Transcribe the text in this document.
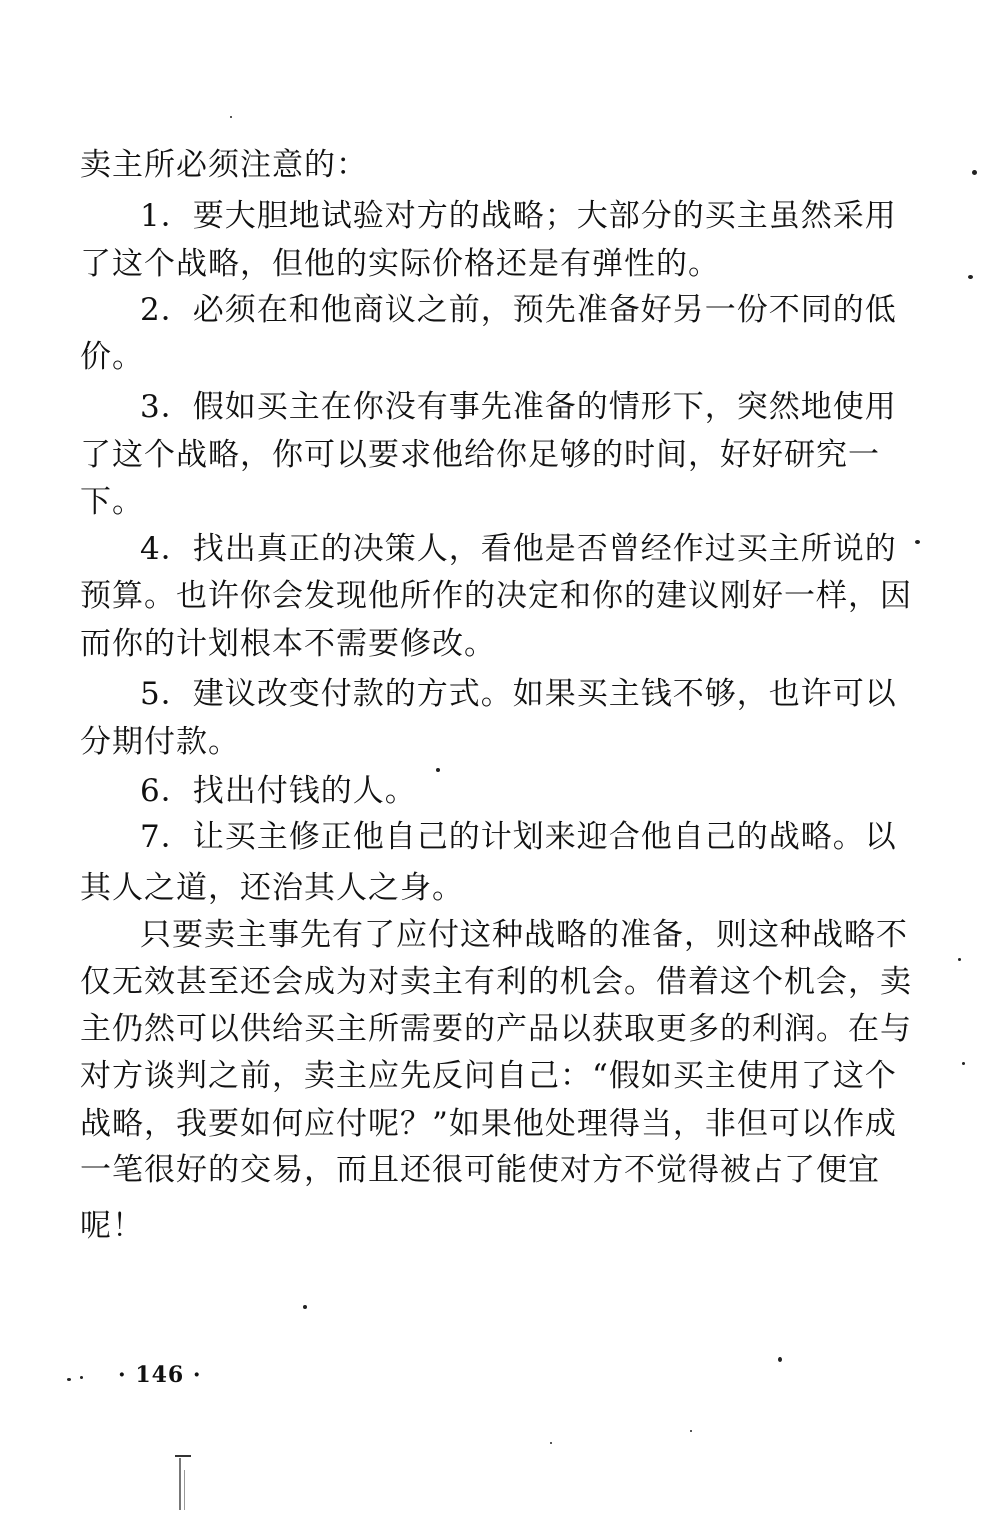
卖主所必须注意的：
1．要大胆地试验对方的战略；大部分的买主虽然采用
了这个战略，但他的实际价格还是有弹性的。
2．必须在和他商议之前，预先准备好另一份不同的低
价。
3．假如买主在你没有事先准备的情形下，突然地使用
了这个战略，你可以要求他给你足够的时间，好好研究一
下。
4．找出真正的决策人，看他是否曾经作过买主所说的
预算。也许你会发现他所作的决定和你的建议刚好一样，因
而你的计划根本不需要修改。
5．建议改变付款的方式。如果买主钱不够，也许可以
分期付款。
6．找出付钱的人。
7．让买主修正他自己的计划来迎合他自己的战略。以
其人之道，还治其人之身。
只要卖主事先有了应付这种战略的准备，则这种战略不
仅无效甚至还会成为对卖主有利的机会。借着这个机会，卖
主仍然可以供给买主所需要的产品以获取更多的利润。在与
对方谈判之前，卖主应先反问自己：“假如买主使用了这个
战略，我要如何应付呢？”如果他处理得当，非但可以作成
一笔很好的交易，而且还很可能使对方不觉得被占了便宜
呢！
· 146 ·
